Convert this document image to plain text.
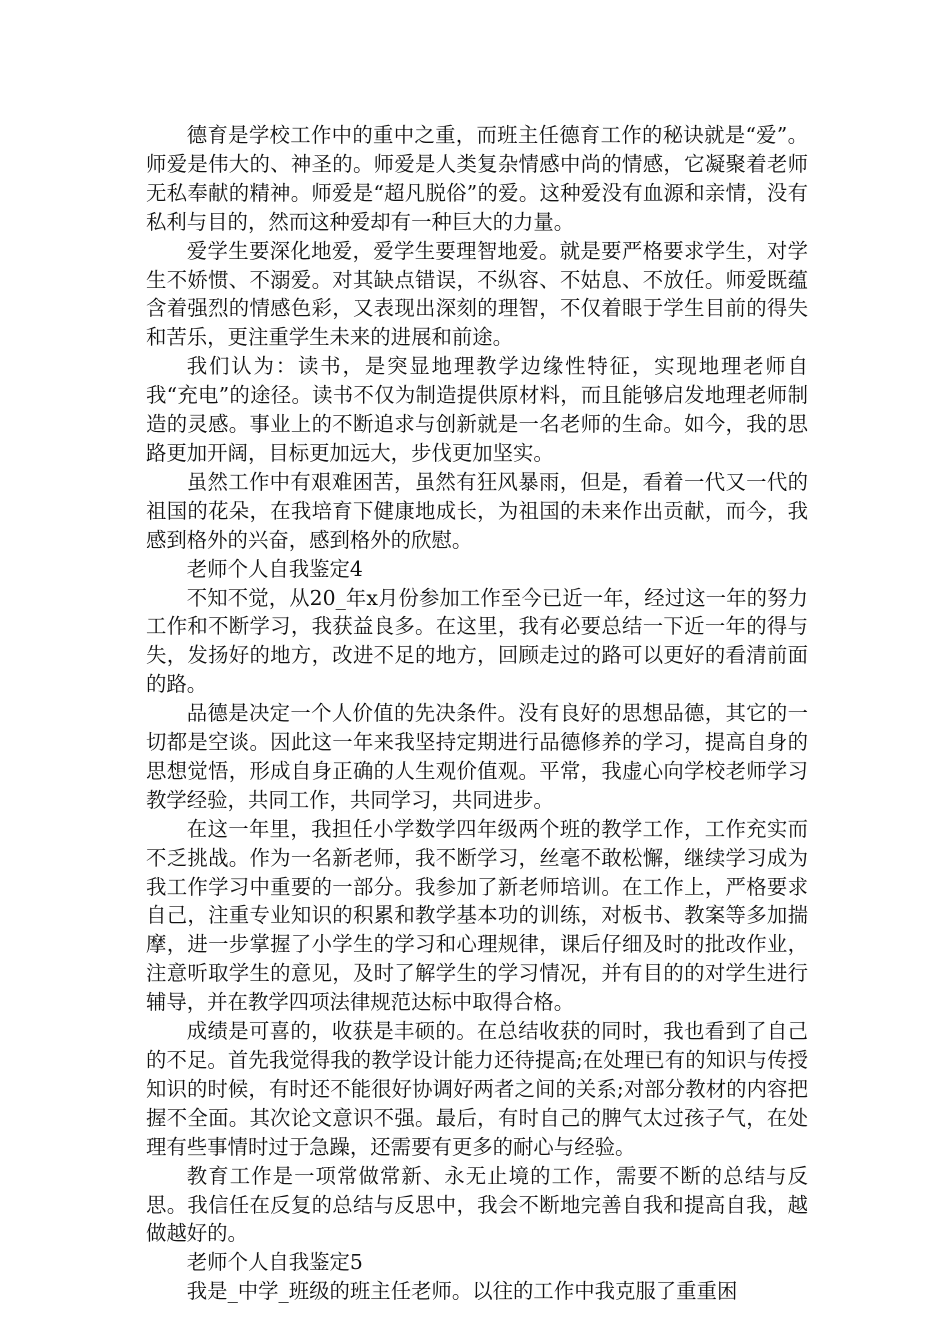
德育是学校工作中的重中之重，而班主任德育工作的秘诀就是“爱”。师爱是伟大的、神圣的。师爱是人类复杂情感中尚的情感，它凝聚着老师无私奉献的精神。师爱是“超凡脱俗”的爱。这种爱没有血源和亲情，没有私利与目的，然而这种爱却有一种巨大的力量。

爱学生要深化地爱，爱学生要理智地爱。就是要严格要求学生，对学生不娇惯、不溺爱。对其缺点错误，不纵容、不姑息、不放任。师爱既蕴含着强烈的情感色彩，又表现出深刻的理智，不仅着眼于学生目前的得失和苦乐，更注重学生未来的进展和前途。

我们认为：读书，是突显地理教学边缘性特征，实现地理老师自我“充电”的途径。读书不仅为制造提供原材料，而且能够启发地理老师制造的灵感。事业上的不断追求与创新就是一名老师的生命。如今，我的思路更加开阔，目标更加远大，步伐更加坚实。

虽然工作中有艰难困苦，虽然有狂风暴雨，但是，看着一代又一代的祖国的花朵，在我培育下健康地成长，为祖国的未来作出贡献，而今，我感到格外的兴奋，感到格外的欣慰。

老师个人自我鉴定4

不知不觉，从20_年x月份参加工作至今已近一年，经过这一年的努力工作和不断学习，我获益良多。在这里，我有必要总结一下近一年的得与失，发扬好的地方，改进不足的地方，回顾走过的路可以更好的看清前面的路。

品德是决定一个人价值的先决条件。没有良好的思想品德，其它的一切都是空谈。因此这一年来我坚持定期进行品德修养的学习，提高自身的思想觉悟，形成自身正确的人生观价值观。平常，我虚心向学校老师学习教学经验，共同工作，共同学习，共同进步。

在这一年里，我担任小学数学四年级两个班的教学工作，工作充实而不乏挑战。作为一名新老师，我不断学习，丝毫不敢松懈，继续学习成为我工作学习中重要的一部分。我参加了新老师培训。在工作上，严格要求自己，注重专业知识的积累和教学基本功的训练，对板书、教案等多加揣摩，进一步掌握了小学生的学习和心理规律，课后仔细及时的批改作业，注意听取学生的意见，及时了解学生的学习情况，并有目的的对学生进行辅导，并在教学四项法律规范达标中取得合格。

成绩是可喜的，收获是丰硕的。在总结收获的同时，我也看到了自己的不足。首先我觉得我的教学设计能力还待提高;在处理已有的知识与传授知识的时候，有时还不能很好协调好两者之间的关系;对部分教材的内容把握不全面。其次论文意识不强。最后，有时自己的脾气太过孩子气，在处理有些事情时过于急躁，还需要有更多的耐心与经验。

教育工作是一项常做常新、永无止境的工作，需要不断的总结与反思。我信任在反复的总结与反思中，我会不断地完善自我和提高自我，越做越好的。

老师个人自我鉴定5

我是_中学_班级的班主任老师。以往的工作中我克服了重重困
